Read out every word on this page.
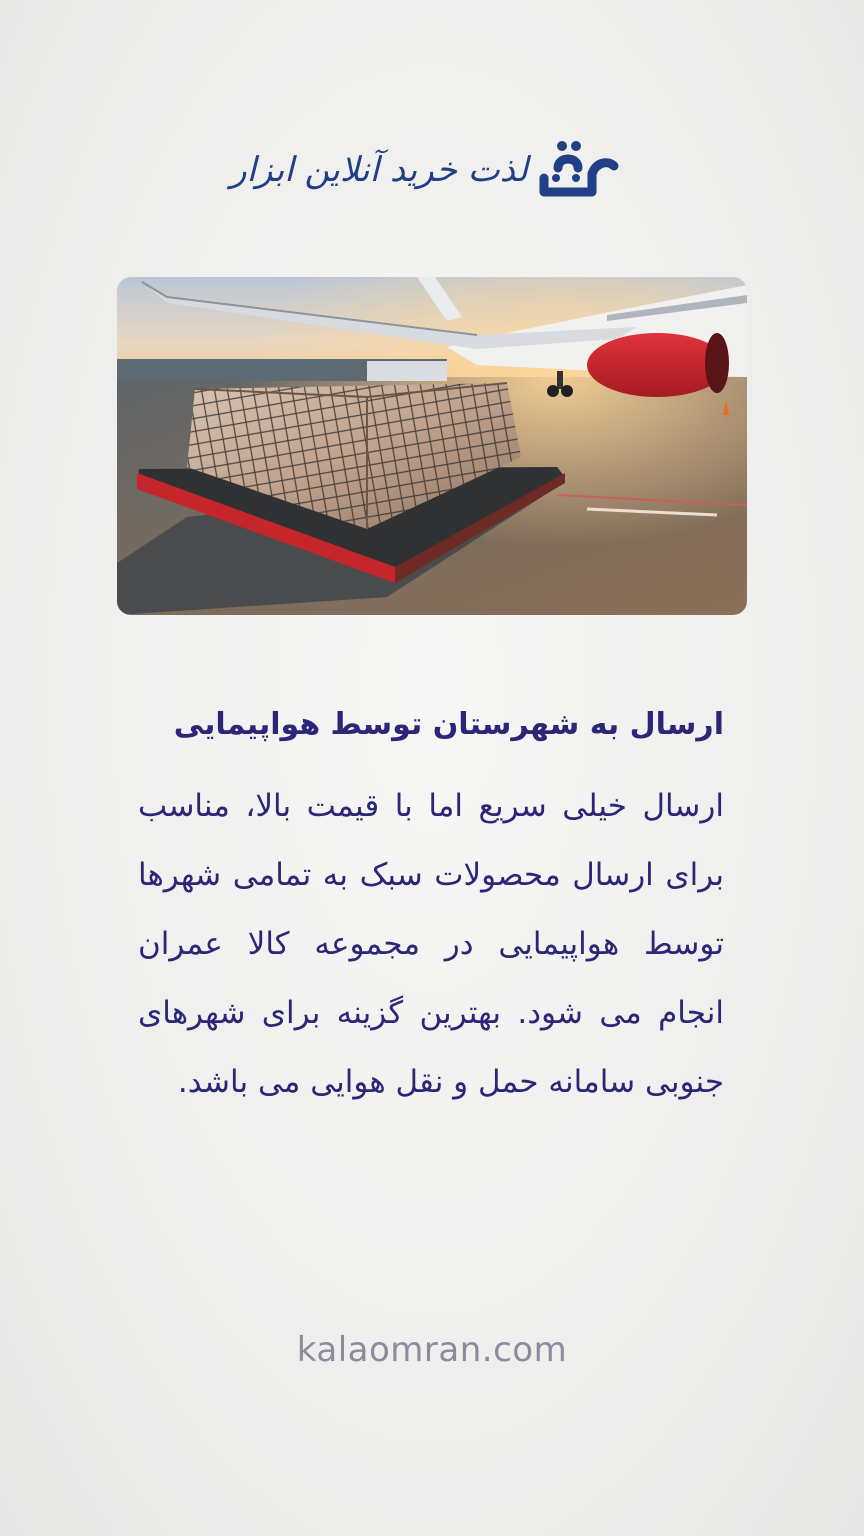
لذت خرید آنلاین ابزار
ارسال به شهرستان توسط هواپیمایی

ارسال خیلی سریع اما با قیمت بالا، مناسب برای ارسال محصولات سبک به تمامی شهرها توسط هواپیمایی در مجموعه کالا عمران انجام می شود. بهترین گزینه برای شهرهای جنوبی سامانه حمل و نقل هوایی می باشد.

kalaomran.com
